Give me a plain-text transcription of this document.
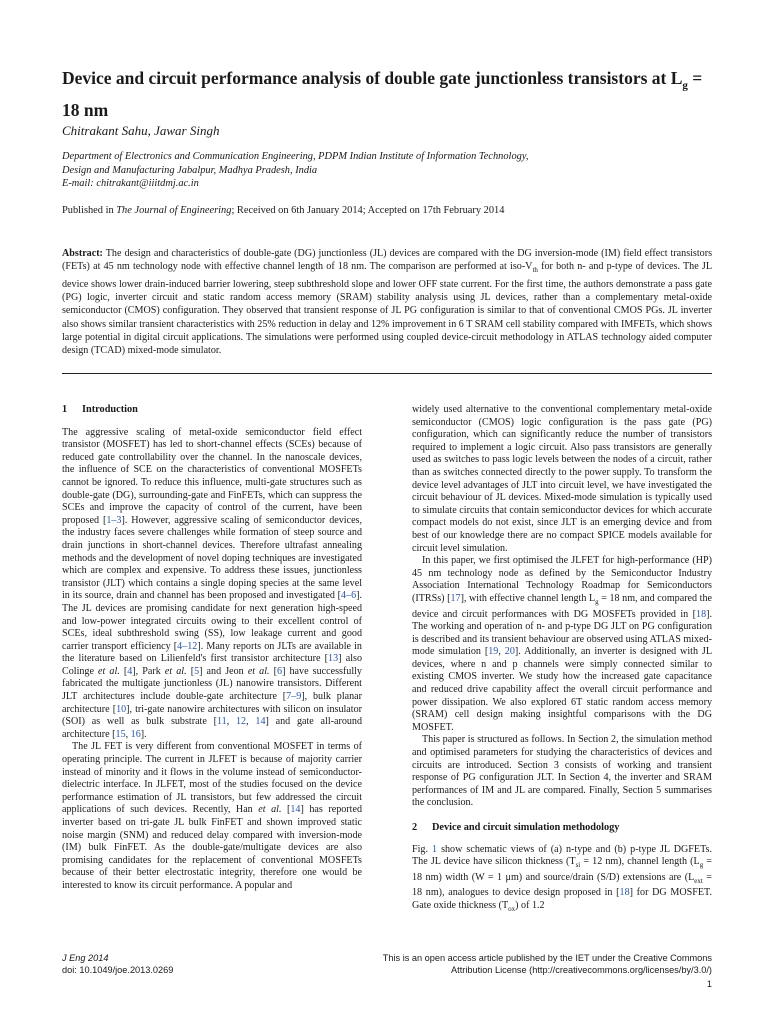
Device and circuit performance analysis of double gate junctionless transistors at $L_g = 18$ nm
Chitrakant Sahu, Jawar Singh
Department of Electronics and Communication Engineering, PDPM Indian Institute of Information Technology,
Design and Manufacturing Jabalpur, Madhya Pradesh, India
E-mail: chitrakant@iiitdmj.ac.in
Published in The Journal of Engineering; Received on 6th January 2014; Accepted on 17th February 2014
Abstract: The design and characteristics of double-gate (DG) junctionless (JL) devices are compared with the DG inversion-mode (IM) field effect transistors (FETs) at 45 nm technology node with effective channel length of 18 nm. The comparison are performed at iso-$V_{th}$ for both n- and p-type of devices. The JL device shows lower drain-induced barrier lowering, steep subthreshold slope and lower OFF state current. For the first time, the authors demonstrate a pass gate (PG) logic, inverter circuit and static random access memory (SRAM) stability analysis using JL devices, rather than a complementary metal-oxide semiconductor (CMOS) configuration. They observed that transient response of JL PG configuration is similar to that of conventional CMOS PGs. JL inverter also shows similar transient characteristics with 25% reduction in delay and 12% improvement in 6 T SRAM cell stability compared with IMFETs, which shows large potential in digital circuit applications. The simulations were performed using coupled device-circuit methodology in ATLAS technology aided computer design (TCAD) mixed-mode simulator.
1 Introduction

The aggressive scaling of metal-oxide semiconductor field effect transistor (MOSFET) has led to short-channel effects (SCEs) because of reduced gate controllability over the channel. In the nanoscale devices, the influence of SCE on the characteristics of conventional MOSFETs cannot be ignored. To reduce this influence, multi-gate structures such as double-gate (DG), surrounding-gate and FinFETs, which can suppress the SCEs and improve the capacity of control of the current, have been proposed [1–3]. However, aggressive scaling of semiconductor devices, the industry faces severe challenges while formation of steep source and drain junctions in short-channel devices. Therefore ultrafast annealing methods and the development of novel doping techniques are investigated which are complex and expensive. To address these issues, junctionless transistor (JLT) which contains a single doping species at the same level in its source, drain and channel has been proposed and investigated [4–6]. The JL devices are promising candidate for next generation high-speed and low-power integrated circuits owing to their excellent control of SCEs, ideal subthreshold swing (SS), low leakage current and good carrier transport efficiency [4–12]. Many reports on JLTs are available in the literature based on Lilienfeld's first transistor architecture [13] also Colinge et al. [4], Park et al. [5] and Jeon et al. [6] have successfully fabricated the multigate junctionless (JL) nanowire transistors. Different JLT architectures include double-gate architecture [7–9], bulk planar architecture [10], tri-gate nanowire architectures with silicon on insulator (SOI) as well as bulk substrate [11, 12, 14] and gate all-around architecture [15, 16].

The JL FET is very different from conventional MOSFET in terms of operating principle. The current in JLFET is because of majority carrier instead of minority and it flows in the volume instead of semiconductor-dielectric interface. In JLFET, most of the studies focused on the device performance estimation of JL transistors, but few addressed the circuit applications of such devices. Recently, Han et al. [14] has reported inverter based on tri-gate JL bulk FinFET and shown improved static noise margin (SNM) and reduced delay compared with inversion-mode (IM) bulk FinFET. As the double-gate/multigate devices are also promising candidates for the replacement of conventional MOSFETs because of their better electrostatic integrity, therefore one would be interested to know its circuit performance. A popular and

widely used alternative to the conventional complementary metal-oxide semiconductor (CMOS) logic configuration is the pass gate (PG) configuration, which can significantly reduce the number of transistors required to implement a logic circuit. Also pass transistors are generally used as switches to pass logic levels between the nodes of a circuit, rather than as switches connected directly to the power supply. To transform the device level advantages of JLT into circuit level, we have investigated the circuit behaviour of JL devices. Mixed-mode simulation is typically used to simulate circuits that contain semiconductor devices for which accurate compact models do not exist, since JLT is an emerging device and from best of our knowledge there are no compact SPICE models available for circuit level simulation.

In this paper, we first optimised the JLFET for high-performance (HP) 45 nm technology node as defined by the Semiconductor Industry Association International Technology Roadmap for Semiconductors (ITRSs) [17], with effective channel length $L_g = 18$ nm, and compared the device and circuit performances with DG MOSFETs provided in [18]. The working and operation of n- and p-type DG JLT on PG configuration is described and its transient behaviour are observed using ATLAS mixed-mode simulation [19, 20]. Additionally, an inverter is designed with JL devices, where n and p channels were simply connected similar to existing CMOS inverter. We study how the increased gate capacitance and reduced drive capability affect the overall circuit performance and power dissipation. We also explored 6T static random access memory (SRAM) cell design making insightful comparisons with the DG MOSFET.

This paper is structured as follows. In Section 2, the simulation method and optimised parameters for studying the characteristics of devices and circuits are introduced. Section 3 consists of working and transient response of PG configuration JLT. In Section 4, the inverter and SRAM performances of IM and JL are compared. Finally, Section 5 summarises the conclusion.

2 Device and circuit simulation methodology

Fig. 1 show schematic views of (a) n-type and (b) p-type JL DGFETs. The JL device have silicon thickness ($T_{si} = 12$ nm), channel length ($L_g = 18$ nm) width (W = 1 μm) and source/drain (S/D) extensions are ($L_{ext} = 18$ nm), analogues to device design proposed in [18] for DG MOSFET. Gate oxide thickness $(T_{ox})$ of 1.2

J Eng 2014
doi: 10.1049/joe.2013.0269
This is an open access article published by the IET under the Creative Commons
Attribution License (http://creativecommons.org/licenses/by/3.0/)
1
